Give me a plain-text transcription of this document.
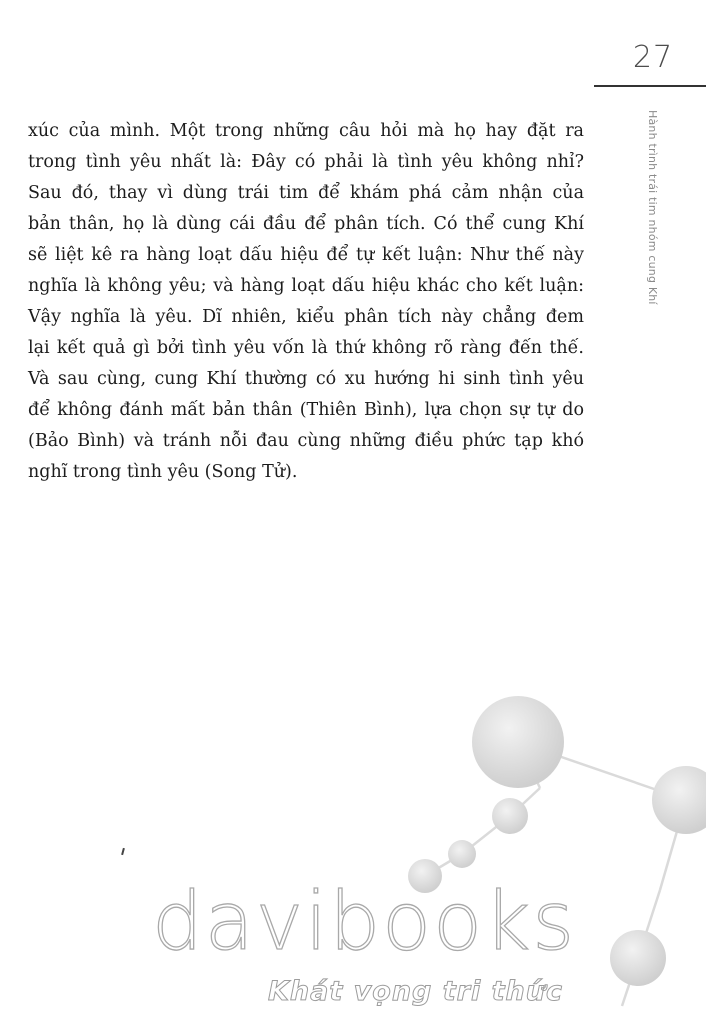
27
Hành trình trái tim nhóm cung Khí
xúc của mình. Một trong những câu hỏi mà họ hay đặt ra
trong tình yêu nhất là: Đây có phải là tình yêu không nhỉ?
Sau đó, thay vì dùng trái tim để khám phá cảm nhận của
bản thân, họ là dùng cái đầu để phân tích. Có thể cung Khí
sẽ liệt kê ra hàng loạt dấu hiệu để tự kết luận: Như thế này
nghĩa là không yêu; và hàng loạt dấu hiệu khác cho kết luận:
Vậy nghĩa là yêu. Dĩ nhiên, kiểu phân tích này chẳng đem
lại kết quả gì bởi tình yêu vốn là thứ không rõ ràng đến thế.
Và sau cùng, cung Khí thường có xu hướng hi sinh tình yêu
để không đánh mất bản thân (Thiên Bình), lựa chọn sự tự do
(Bảo Bình) và tránh nỗi đau cùng những điều phức tạp khó
nghĩ trong tình yêu (Song Tử).
davibooks
Khát vọng tri thức
